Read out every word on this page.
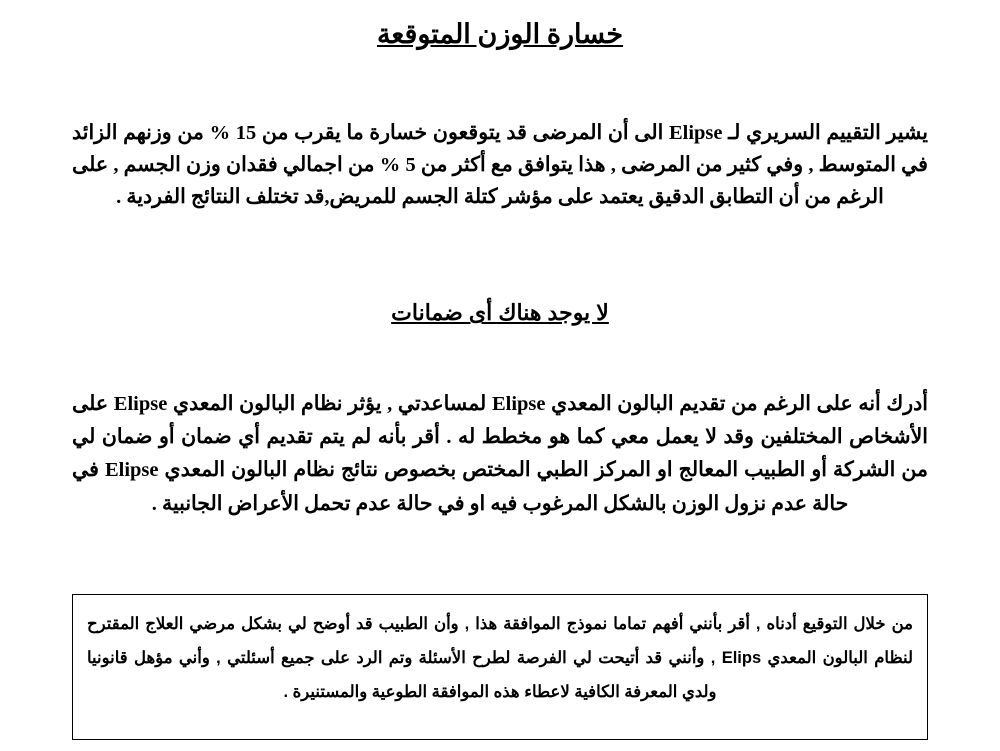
خسارة الوزن المتوقعة

يشير التقييم السريري لـ Elipse الى أن المرضى قد يتوقعون خسارة ما يقرب من 15 % من وزنهم الزائد في المتوسط , وفي كثير من المرضى , هذا يتوافق مع أكثر من 5 % من اجمالي فقدان وزن الجسم , على الرغم من أن التطابق الدقيق يعتمد على مؤشر كتلة الجسم للمريض,قد تختلف النتائج الفردية .

لا يوجد هناك أى ضمانات

أدرك أنه على الرغم من تقديم البالون المعدي Elipse لمساعدتي , يؤثر نظام البالون المعدي Elipse على الأشخاص المختلفين وقد لا يعمل معي كما هو مخطط له . أقر بأنه لم يتم تقديم أي ضمان أو ضمان لي من الشركة أو الطبيب المعالج او المركز الطبي المختص بخصوص نتائج نظام البالون المعدي Elipse في حالة عدم نزول الوزن بالشكل المرغوب فيه او في حالة عدم تحمل الأعراض الجانبية .

من خلال التوقيع أدناه , أقر بأنني أفهم تماما نموذج الموافقة هذا , وأن الطبيب قد أوضح لي بشكل مرضي العلاج المقترح لنظام البالون المعدي Elips , وأنني قد أتيحت لي الفرصة لطرح الأسئلة وتم الرد على جميع أسئلتي , وأني مؤهل قانونيا ولدي المعرفة الكافية لاعطاء هذه الموافقة الطوعية والمستنيرة .
